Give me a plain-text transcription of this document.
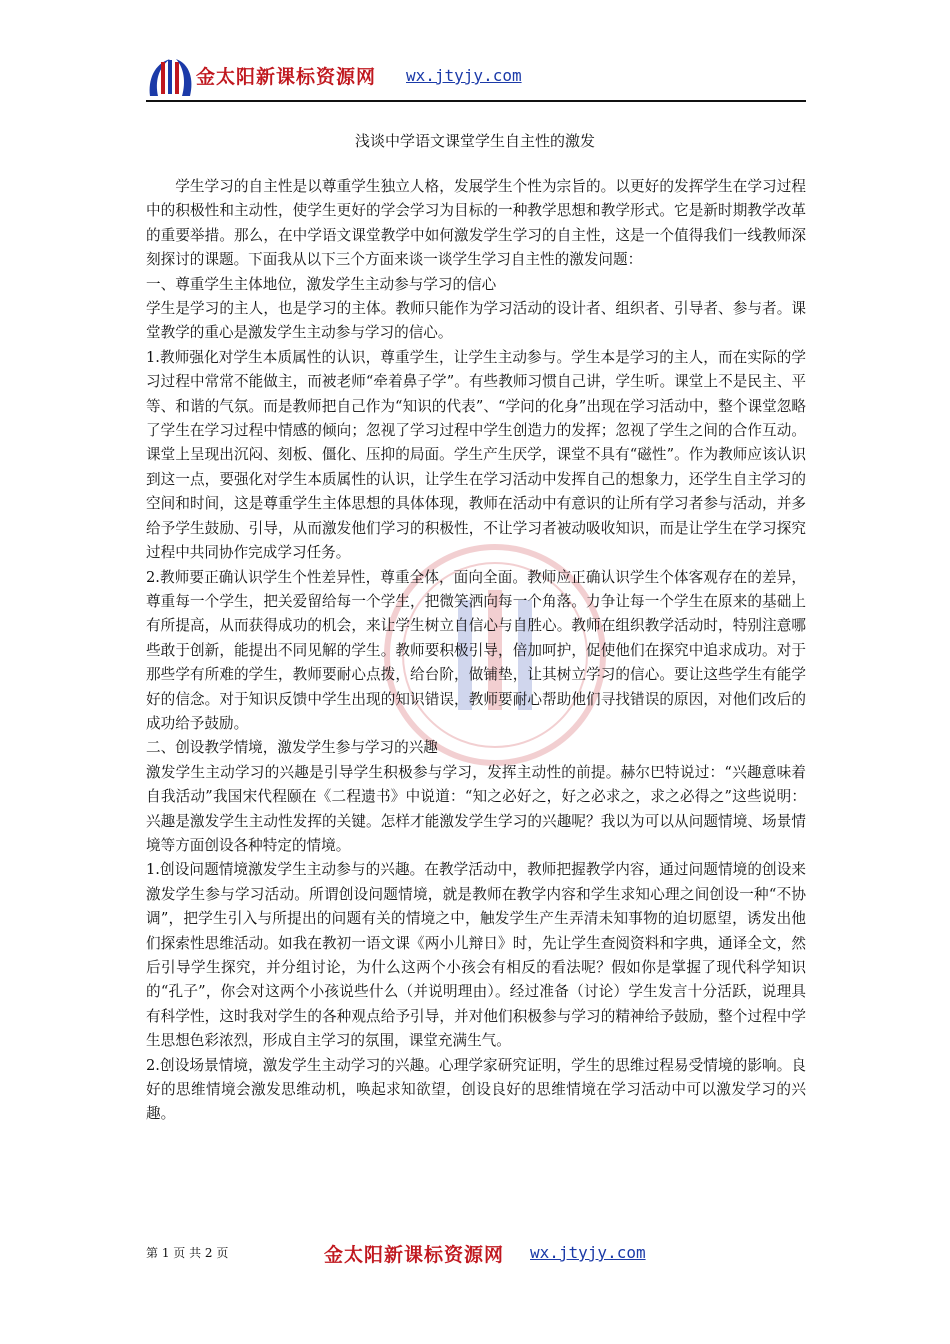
金太阳新课标资源网 wx.jtyjy.com
浅谈中学语文课堂学生自主性的激发

学生学习的自主性是以尊重学生独立人格，发展学生个性为宗旨的。以更好的发挥学生在学习过程中的积极性和主动性，使学生更好的学会学习为目标的一种教学思想和教学形式。它是新时期教学改革的重要举措。那么，在中学语文课堂教学中如何激发学生学习的自主性，这是一个值得我们一线教师深刻探讨的课题。下面我从以下三个方面来谈一谈学生学习自主性的激发问题：

一、尊重学生主体地位，激发学生主动参与学习的信心

学生是学习的主人，也是学习的主体。教师只能作为学习活动的设计者、组织者、引导者、参与者。课堂教学的重心是激发学生主动参与学习的信心。

1.教师强化对学生本质属性的认识，尊重学生，让学生主动参与。学生本是学习的主人，而在实际的学习过程中常常不能做主，而被老师“牵着鼻子学”。有些教师习惯自己讲，学生听。课堂上不是民主、平等、和谐的气氛。而是教师把自己作为“知识的代表”、“学问的化身”出现在学习活动中，整个课堂忽略了学生在学习过程中情感的倾向；忽视了学习过程中学生创造力的发挥；忽视了学生之间的合作互动。课堂上呈现出沉闷、刻板、僵化、压抑的局面。学生产生厌学，课堂不具有“磁性”。作为教师应该认识到这一点，要强化对学生本质属性的认识，让学生在学习活动中发挥自己的想象力，还学生自主学习的空间和时间，这是尊重学生主体思想的具体体现，教师在活动中有意识的让所有学习者参与活动，并多给予学生鼓励、引导，从而激发他们学习的积极性，不让学习者被动吸收知识，而是让学生在学习探究过程中共同协作完成学习任务。

2.教师要正确认识学生个性差异性，尊重全体，面向全面。教师应正确认识学生个体客观存在的差异，尊重每一个学生，把关爱留给每一个学生，把微笑洒向每一个角落。力争让每一个学生在原来的基础上有所提高，从而获得成功的机会，来让学生树立自信心与自胜心。教师在组织教学活动时，特别注意哪些敢于创新，能提出不同见解的学生。教师要积极引导，倍加呵护，促使他们在探究中追求成功。对于那些学有所难的学生，教师要耐心点拨，给台阶，做铺垫，让其树立学习的信心。要让这些学生有能学好的信念。对于知识反馈中学生出现的知识错误，教师要耐心帮助他们寻找错误的原因，对他们改后的成功给予鼓励。

二、创设教学情境，激发学生参与学习的兴趣

激发学生主动学习的兴趣是引导学生积极参与学习，发挥主动性的前提。赫尔巴特说过：“兴趣意味着自我活动”我国宋代程颐在《二程遗书》中说道：“知之必好之，好之必求之，求之必得之”这些说明：兴趣是激发学生主动性发挥的关键。怎样才能激发学生学习的兴趣呢？我以为可以从问题情境、场景情境等方面创设各种特定的情境。

1.创设问题情境激发学生主动参与的兴趣。在教学活动中，教师把握教学内容，通过问题情境的创设来激发学生参与学习活动。所谓创设问题情境，就是教师在教学内容和学生求知心理之间创设一种“不协调”，把学生引入与所提出的问题有关的情境之中，触发学生产生弄清未知事物的迫切愿望，诱发出他们探索性思维活动。如我在教初一语文课《两小儿辩日》时，先让学生查阅资料和字典，通译全文，然后引导学生探究，并分组讨论，为什么这两个小孩会有相反的看法呢？假如你是掌握了现代科学知识的“孔子”，你会对这两个小孩说些什么（并说明理由）。经过准备（讨论）学生发言十分活跃，说理具有科学性，这时我对学生的各种观点给予引导，并对他们积极参与学习的精神给予鼓励，整个过程中学生思想色彩浓烈，形成自主学习的氛围，课堂充满生气。

2.创设场景情境，激发学生主动学习的兴趣。心理学家研究证明，学生的思维过程易受情境的影响。良好的思维情境会激发思维动机，唤起求知欲望，创设良好的思维情境在学习活动中可以激发学习的兴趣。

第 1 页 共 2 页	金太阳新课标资源网 wx.jtyjy.com
